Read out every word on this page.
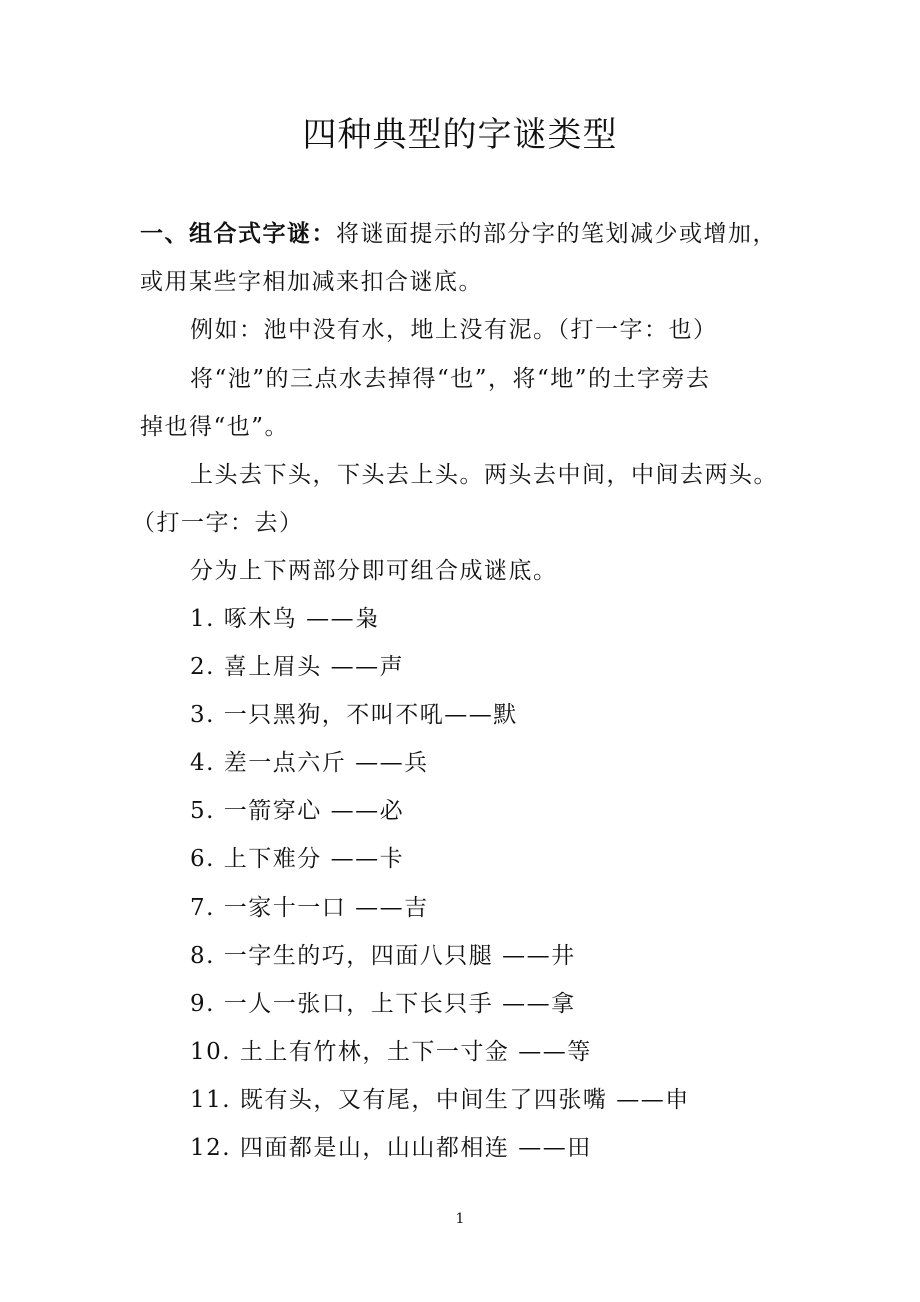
四种典型的字谜类型
一、组合式字谜：将谜面提示的部分字的笔划减少或增加，
或用某些字相加减来扣合谜底。
例如：池中没有水，地上没有泥。（打一字：也）
将“池”的三点水去掉得“也”，将“地”的土字旁去
掉也得“也”。
上头去下头，下头去上头。两头去中间，中间去两头。
（打一字：去）
分为上下两部分即可组合成谜底。
1. 啄木鸟 ——枭
2. 喜上眉头 ——声
3. 一只黑狗，不叫不吼——默
4. 差一点六斤 ——兵
5. 一箭穿心 ——必
6. 上下难分 ——卡
7. 一家十一口 ——吉
8. 一字生的巧，四面八只腿 ——井
9. 一人一张口，上下长只手 ——拿
10. 土上有竹林，土下一寸金 ——等
11. 既有头，又有尾，中间生了四张嘴 ——申
12. 四面都是山，山山都相连 ——田
1
